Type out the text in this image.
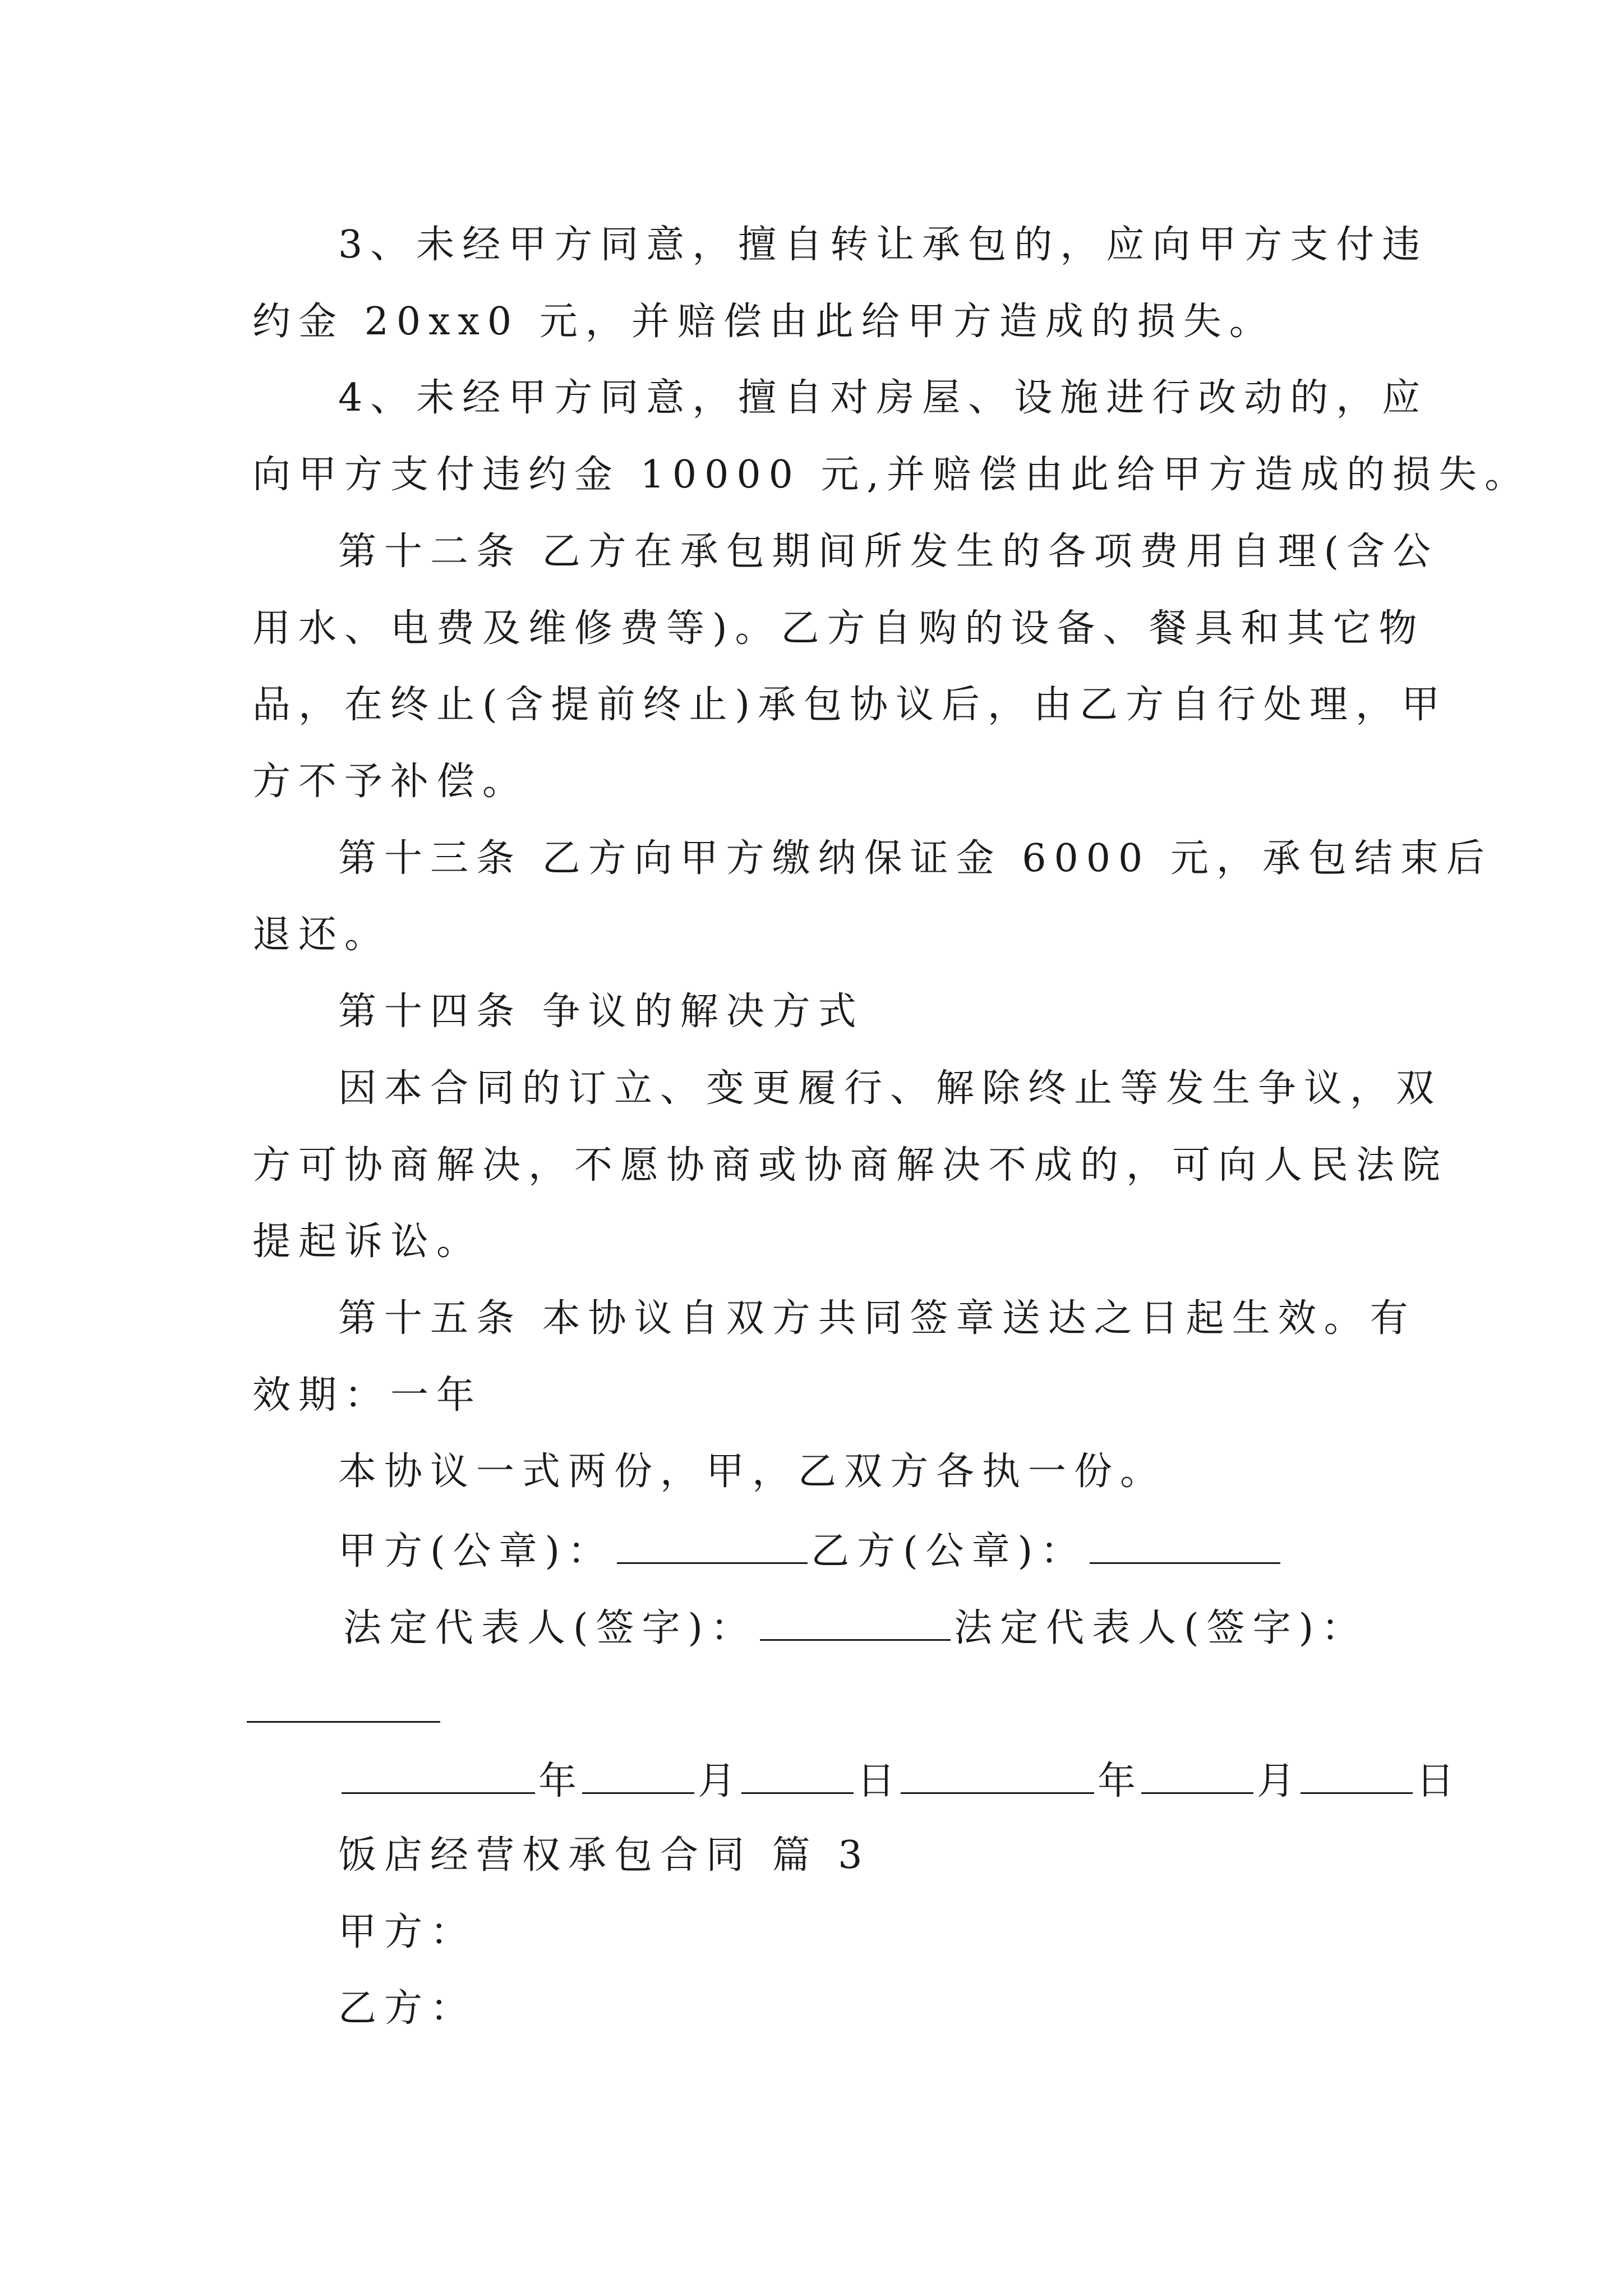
3、未经甲方同意，擅自转让承包的，应向甲方支付违
约金 20xx0 元，并赔偿由此给甲方造成的损失。
4、未经甲方同意，擅自对房屋、设施进行改动的，应
向甲方支付违约金 10000 元,并赔偿由此给甲方造成的损失。
第十二条 乙方在承包期间所发生的各项费用自理(含公
用水、电费及维修费等)。乙方自购的设备、餐具和其它物
品，在终止(含提前终止)承包协议后，由乙方自行处理，甲
方不予补偿。
第十三条 乙方向甲方缴纳保证金 6000 元，承包结束后
退还。
第十四条 争议的解决方式
因本合同的订立、变更履行、解除终止等发生争议，双
方可协商解决，不愿协商或协商解决不成的，可向人民法院
提起诉讼。
第十五条 本协议自双方共同签章送达之日起生效。有
效期：一年
本协议一式两份，甲，乙双方各执一份。
甲方(公章)：	乙方(公章)：
法定代表人(签字)：	法定代表人(签字)：
年	月	日	年	月	日
饭店经营权承包合同 篇 3
甲方：
乙方：
